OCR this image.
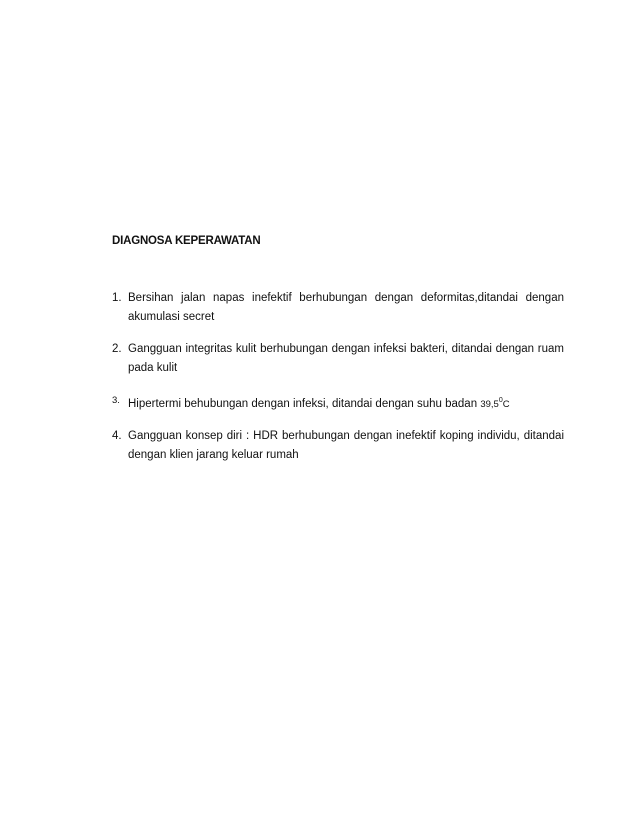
DIAGNOSA KEPERAWATAN
1. Bersihan jalan napas inefektif berhubungan dengan deformitas,ditandai dengan akumulasi secret
2. Gangguan integritas kulit berhubungan dengan infeksi bakteri, ditandai dengan ruam pada kulit
3. Hipertermi behubungan dengan infeksi, ditandai dengan suhu badan 39,5$^0$C
4. Gangguan konsep diri : HDR berhubungan dengan inefektif koping individu, ditandai dengan klien jarang keluar rumah
